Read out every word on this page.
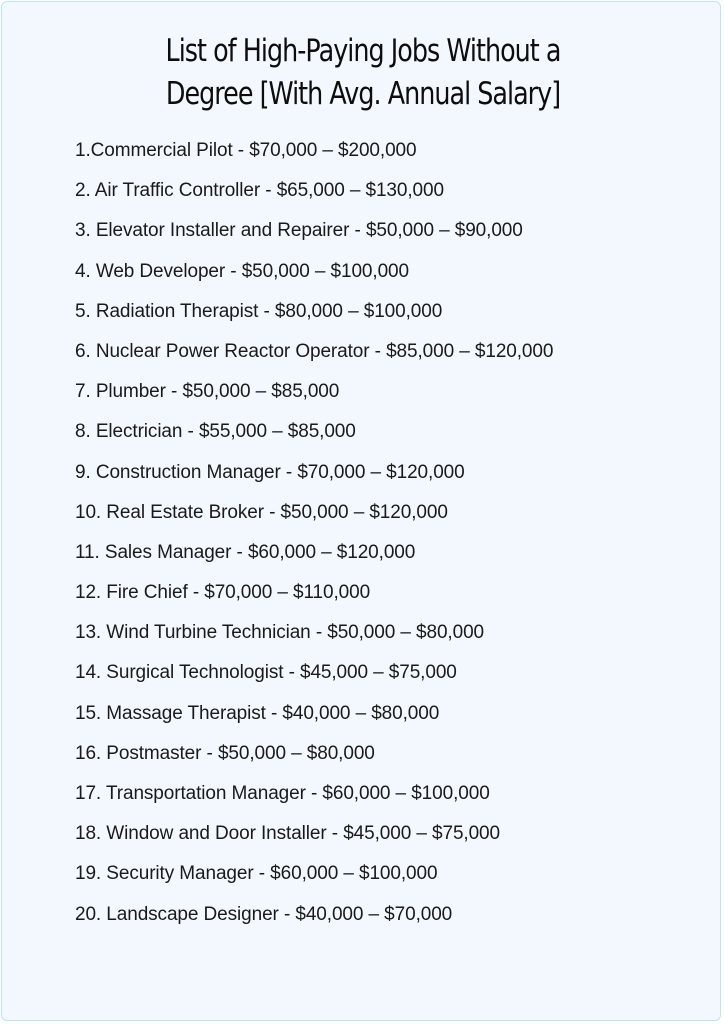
List of High-Paying Jobs Without a
Degree [With Avg. Annual Salary]
1.Commercial Pilot - $70,000 – $200,000
2. Air Traffic Controller - $65,000 – $130,000
3. Elevator Installer and Repairer - $50,000 – $90,000
4. Web Developer - $50,000 – $100,000
5. Radiation Therapist - $80,000 – $100,000
6. Nuclear Power Reactor Operator - $85,000 – $120,000
7. Plumber - $50,000 – $85,000
8. Electrician - $55,000 – $85,000
9. Construction Manager - $70,000 – $120,000
10. Real Estate Broker - $50,000 – $120,000
11. Sales Manager - $60,000 – $120,000
12. Fire Chief - $70,000 – $110,000
13. Wind Turbine Technician - $50,000 – $80,000
14. Surgical Technologist - $45,000 – $75,000
15. Massage Therapist - $40,000 – $80,000
16. Postmaster - $50,000 – $80,000
17. Transportation Manager - $60,000 – $100,000
18. Window and Door Installer - $45,000 – $75,000
19. Security Manager - $60,000 – $100,000
20. Landscape Designer - $40,000 – $70,000
